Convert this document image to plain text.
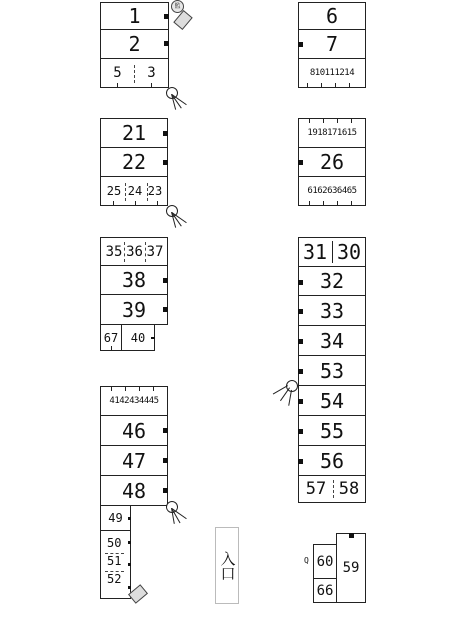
1
2
5	3
監	6
7
810111214
21
22
25 24 23
1918171615
26
6162636465
35 36 37
38
39
67	40
31 30
32
33
34
53
54
55
56
57 58
4142434445
46
47
48
49
50
51
52	入口	Q 60
66
59
